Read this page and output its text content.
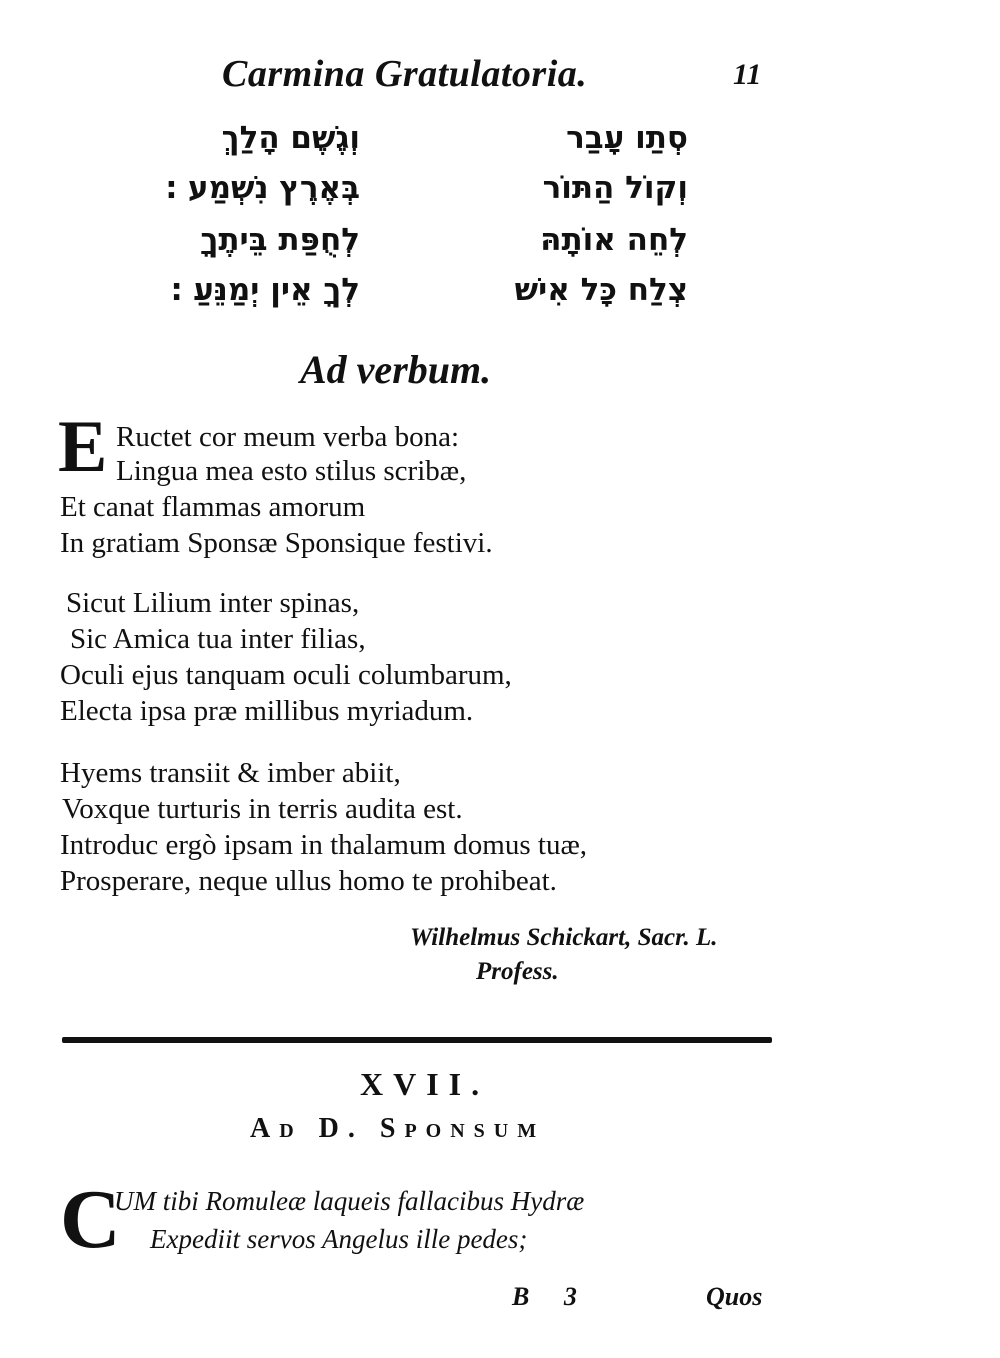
Carmina Gratulatoria.	11
סְתַו עָבַר
וְגֶשֶׁם הָלַךְ
וְקוֹל הַתּוֹר
בְּאֶרֶץ נִשְׁמַע ׃
לְחֵה אוֹתָהּ
לְחֻפַּת בֵּיתֶךָ
צְלַח כָּל אִישׁ
לְךָ אֵין יְמַנֵּעַ ׃
Ad verbum.
E Ructet cor meum verba bona:
Lingua mea esto stilus scribæ,
Et canat flammas amorum
In gratiam Sponsæ Sponsique festivi.
Sicut Lilium inter spinas,
Sic Amica tua inter filias,
Oculi ejus tanquam oculi columbarum,
Electa ipsa præ millibus myriadum.
Hyems transiit & imber abiit,
Voxque turturis in terris audita est.
Introduc ergò ipsam in thalamum domus tuæ,
Prosperare, neque ullus homo te prohibeat.
Wilhelmus Schickart, Sacr. L.
Profess.
XVII.
Ad D. Sponsum
C
UM tibi Romuleæ laqueis fallacibus Hydræ
Expediit servos Angelus ille pedes;
B 3	Quos
